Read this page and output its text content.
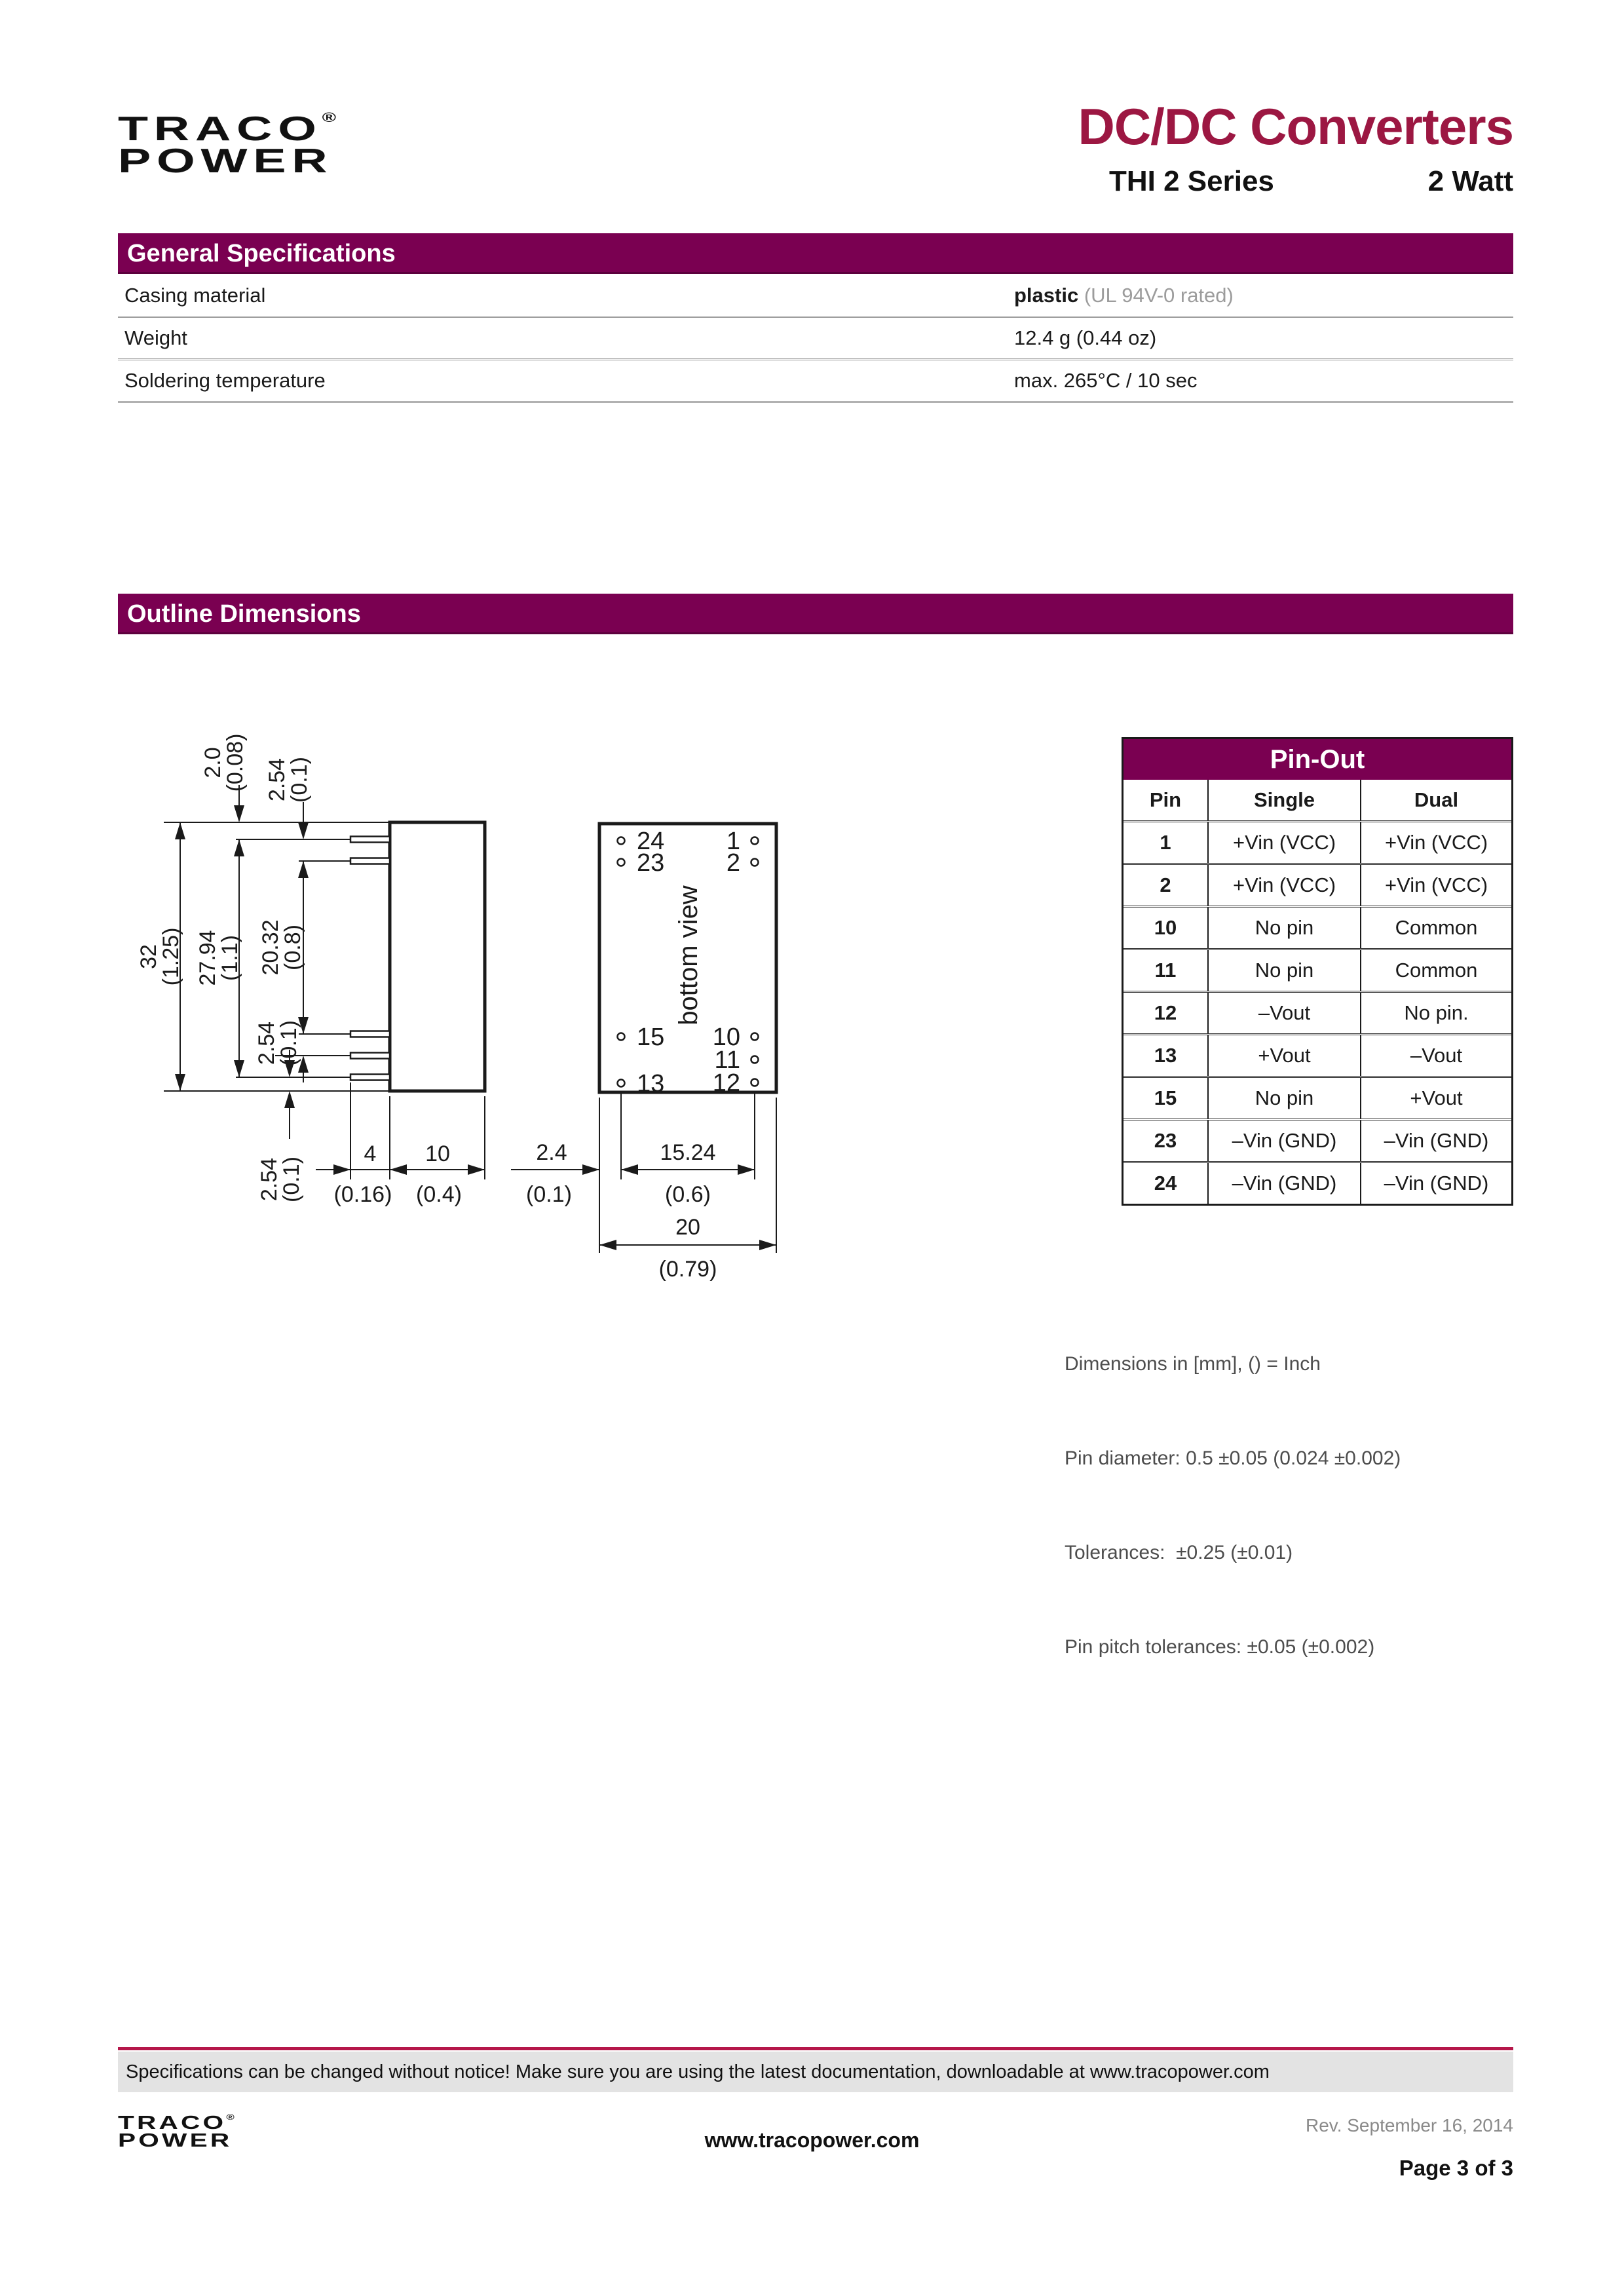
TRACO®
POWER
DC/DC Converters
THI 2 Series	2 Watt
General Specifications
Casing material	plastic (UL 94V-0 rated)
Weight	12.4 g (0.44 oz)
Soldering temperature	max. 265°C / 10 sec
Outline Dimensions
32(1.25) 27.94(1.1) 20.32(0.8)
2.0(0.08) 2.54(0.1)
2.54(0.1)
2.54(0.1)
4
(0.16)
10
(0.4)
24
23
15
13
1
2
10
11
12
bottom view
2.4
(0.1)
15.24
(0.6)
20
(0.79)
Pin-Out
Pin	Single	Dual
1	+Vin (VCC)	+Vin (VCC)
2	+Vin (VCC)	+Vin (VCC)
10	No pin	Common
11	No pin	Common
12	–Vout	No pin.
13	+Vout	–Vout
15	No pin	+Vout
23	–Vin (GND)	–Vin (GND)
24	–Vin (GND)	–Vin (GND)

Dimensions in [mm], () = Inch

Pin diameter: 0.5 ±0.05 (0.024 ±0.002)

Tolerances:  ±0.25 (±0.01)

Pin pitch tolerances: ±0.05 (±0.002)

Specifications can be changed without notice! Make sure you are using the latest documentation, downloadable at www.tracopower.com
TRACO®
POWER	www.tracopower.com
Rev. September 16, 2014
Page 3 of 3
